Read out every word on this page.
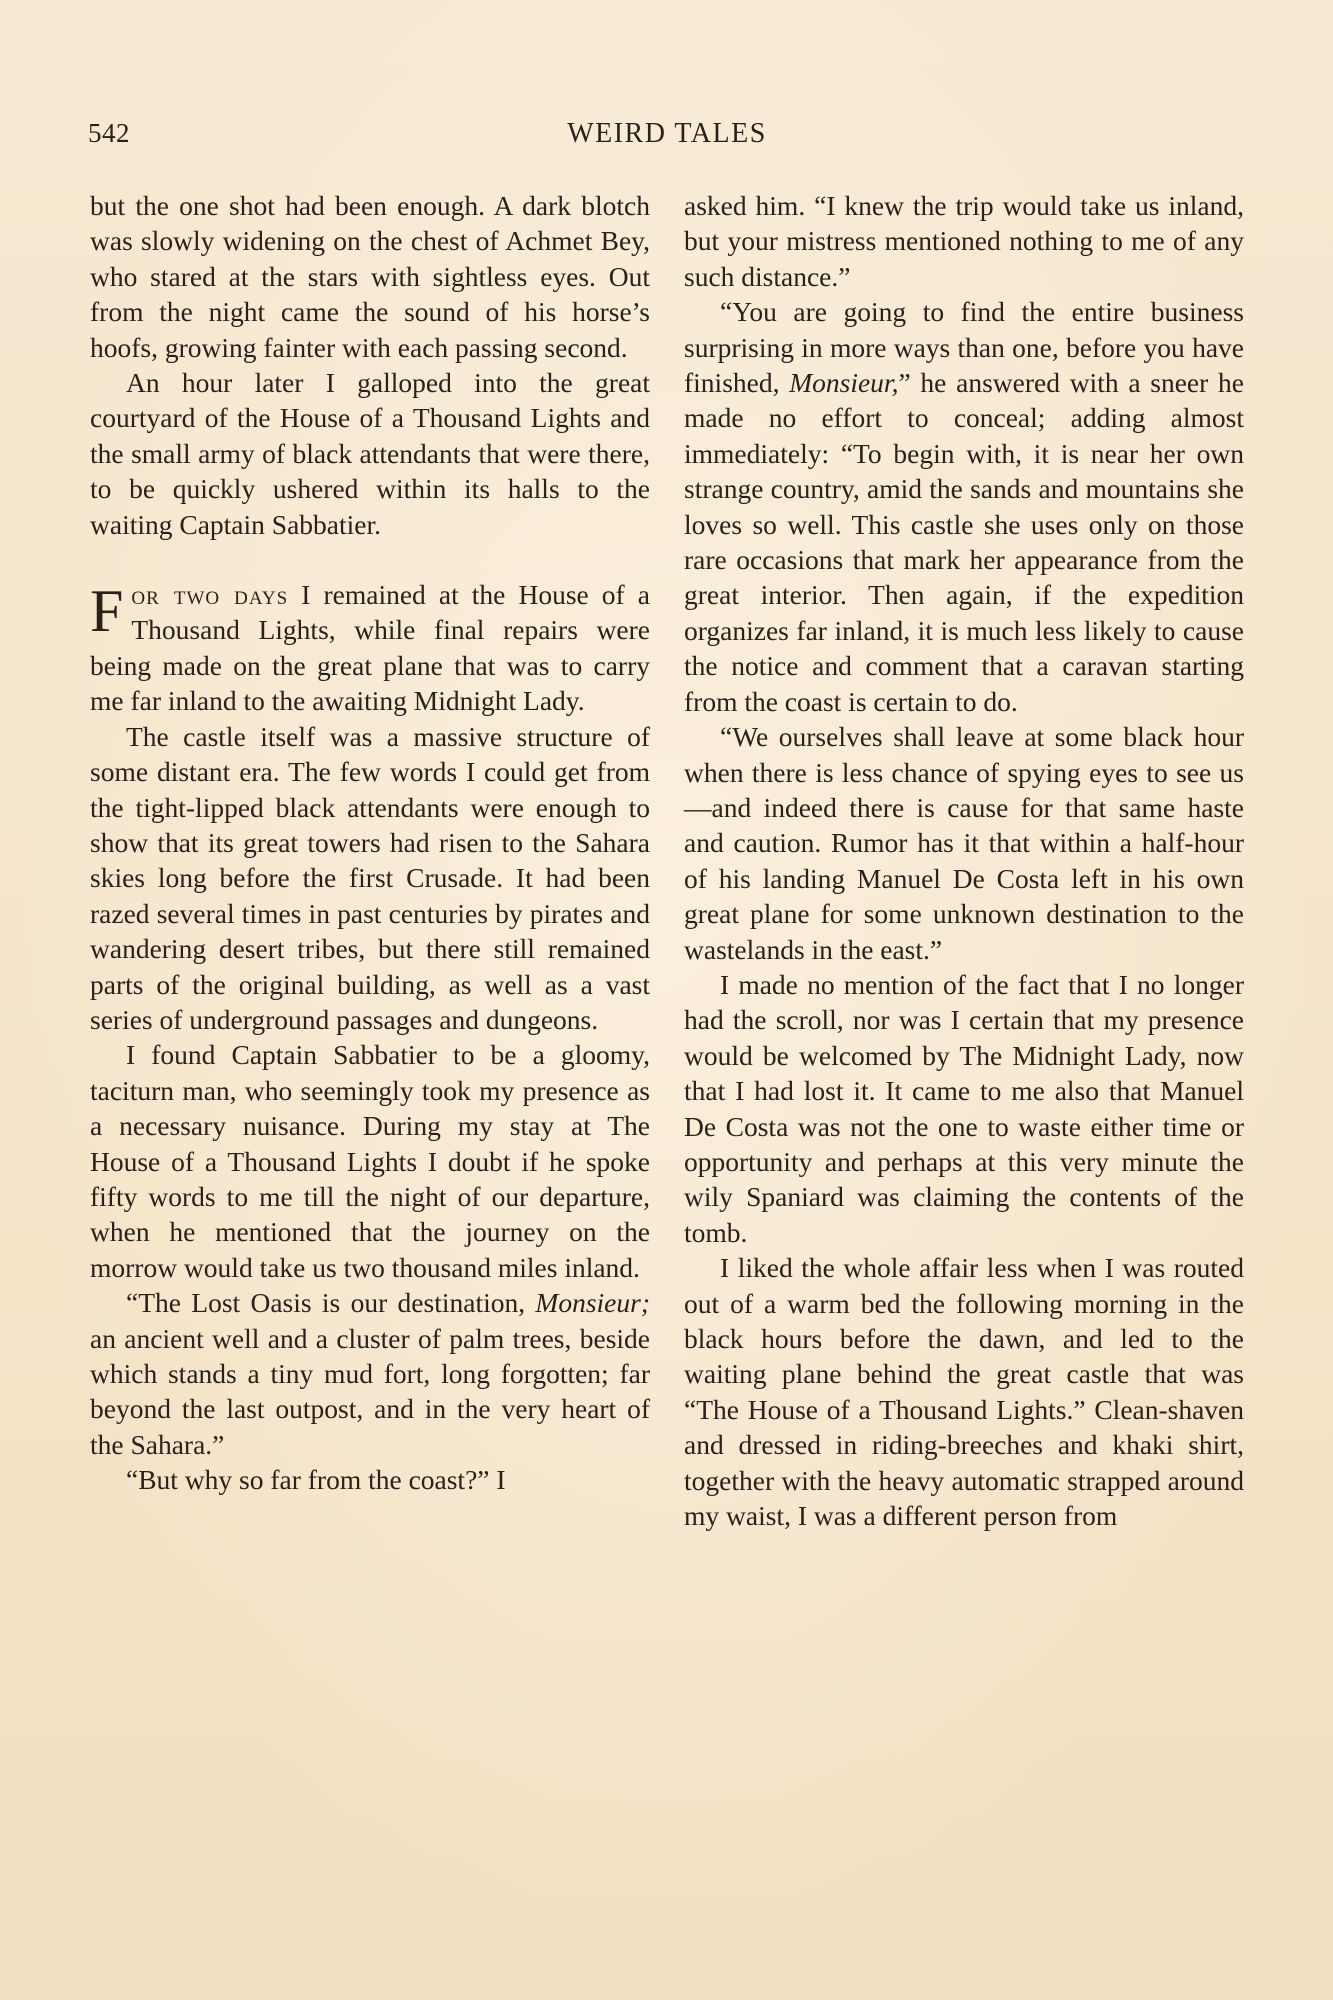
542	WEIRD TALES

but the one shot had been enough. A dark blotch was slowly widening on the chest of Achmet Bey, who stared at the stars with sightless eyes. Out from the night came the sound of his horse’s hoofs, growing fainter with each passing second.

An hour later I galloped into the great courtyard of the House of a Thousand Lights and the small army of black attendants that were there, to be quickly ushered within its halls to the waiting Captain Sabbatier.

For two days I remained at the House of a Thousand Lights, while final repairs were being made on the great plane that was to carry me far inland to the awaiting Midnight Lady.

The castle itself was a massive structure of some distant era. The few words I could get from the tight-lipped black attendants were enough to show that its great towers had risen to the Sahara skies long before the first Crusade. It had been razed several times in past centuries by pirates and wandering desert tribes, but there still remained parts of the original building, as well as a vast series of underground passages and dungeons.

I found Captain Sabbatier to be a gloomy, taciturn man, who seemingly took my presence as a necessary nuisance. During my stay at The House of a Thousand Lights I doubt if he spoke fifty words to me till the night of our departure, when he mentioned that the journey on the morrow would take us two thousand miles inland.

“The Lost Oasis is our destination, Monsieur; an ancient well and a cluster of palm trees, beside which stands a tiny mud fort, long forgotten; far beyond the last outpost, and in the very heart of the Sahara.”

“But why so far from the coast?” I

asked him. “I knew the trip would take us inland, but your mistress mentioned nothing to me of any such distance.”

“You are going to find the entire business surprising in more ways than one, before you have finished, Monsieur,” he answered with a sneer he made no effort to conceal; adding almost immediately: “To begin with, it is near her own strange country, amid the sands and mountains she loves so well. This castle she uses only on those rare occasions that mark her appearance from the great interior. Then again, if the expedition organizes far inland, it is much less likely to cause the notice and comment that a caravan starting from the coast is certain to do.

“We ourselves shall leave at some black hour when there is less chance of spying eyes to see us—and indeed there is cause for that same haste and caution. Rumor has it that within a half-hour of his landing Manuel De Costa left in his own great plane for some unknown destination to the wastelands in the east.”

I made no mention of the fact that I no longer had the scroll, nor was I certain that my presence would be welcomed by The Midnight Lady, now that I had lost it. It came to me also that Manuel De Costa was not the one to waste either time or opportunity and perhaps at this very minute the wily Spaniard was claiming the contents of the tomb.

I liked the whole affair less when I was routed out of a warm bed the following morning in the black hours before the dawn, and led to the waiting plane behind the great castle that was “The House of a Thousand Lights.” Clean-shaven and dressed in riding-breeches and khaki shirt, together with the heavy automatic strapped around my waist, I was a different person from
